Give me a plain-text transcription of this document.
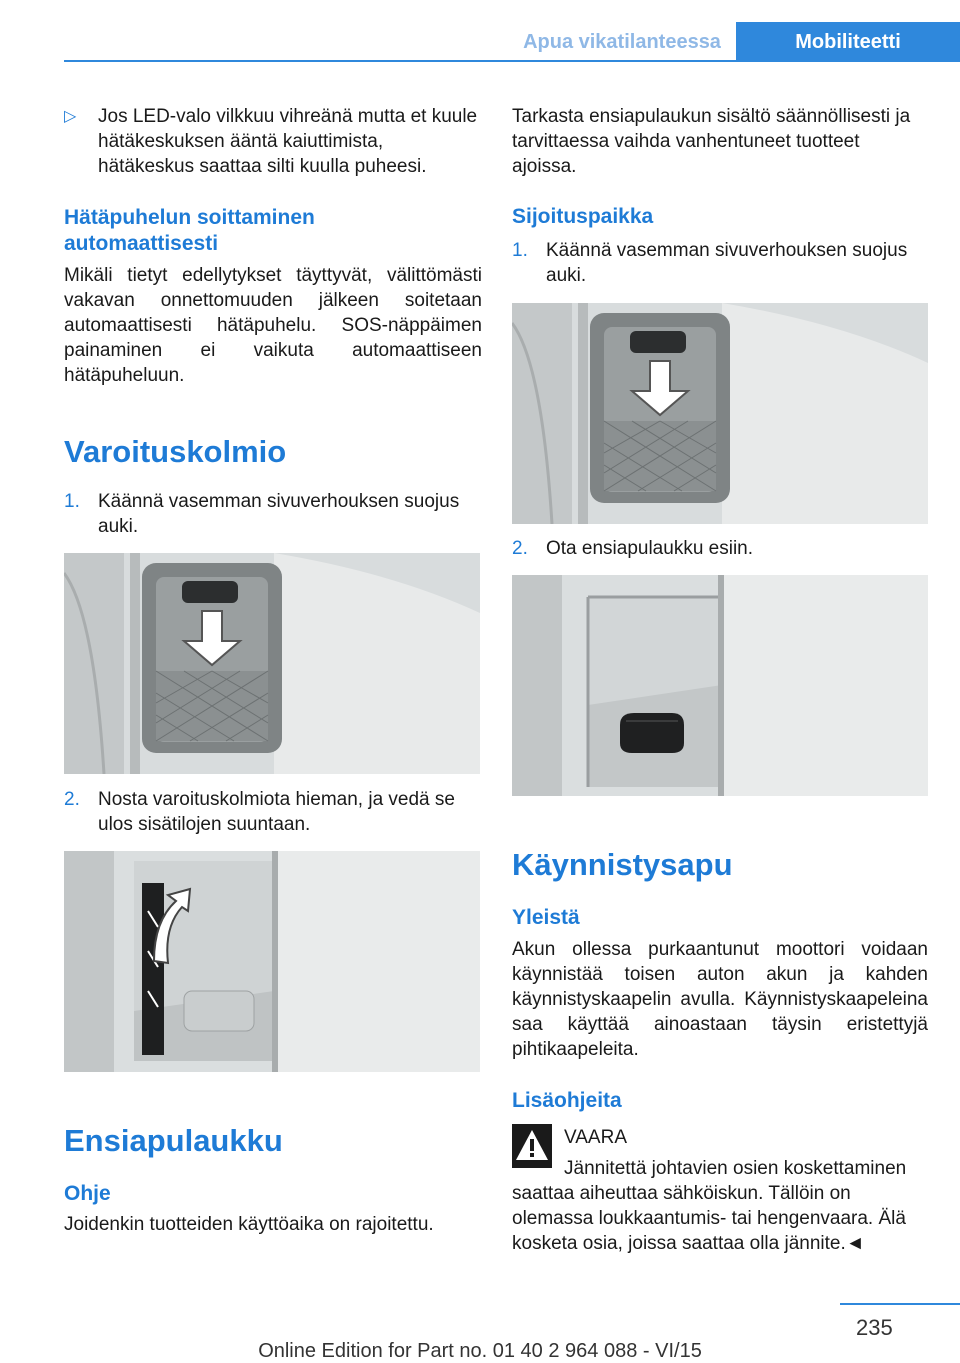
Apua vikatilanteessa	Mobiliteetti
▷ Jos LED-valo vilkkuu vihreänä mutta et kuule hätäkeskuksen ääntä kaiuttimista, hätäkeskus saattaa silti kuulla puheesi.

Hätäpuhelun soittaminen automaattisesti

Mikäli tietyt edellytykset täyttyvät, välittömästi vakavan onnettomuuden jälkeen soitetaan automaattisesti hätäpuhelu. SOS-näppäimen painaminen ei vaikuta automaattiseen hätäpuheluun.

Varoituskolmio
1. Käännä vasemman sivuverhouksen suojus auki.

2. Nosta varoituskolmiota hieman, ja vedä se ulos sisätilojen suuntaan.

Ensiapulaukku
Ohje

Joidenkin tuotteiden käyttöaika on rajoitettu.

Tarkasta ensiapulaukun sisältö säännöllisesti ja tarvittaessa vaihda vanhentuneet tuotteet ajoissa.

Sijoituspaikka
1. Käännä vasemman sivuverhouksen suojus auki.

2. Ota ensiapulaukku esiin.

Käynnistysapu
Yleistä

Akun ollessa purkaantunut moottori voidaan käynnistää toisen auton akun ja kahden käynnistyskaapelin avulla. Käynnistyskaapeleina saa käyttää ainoastaan täysin eristettyjä pihtikaapeleita.

Lisäohjeita
VAARA
Jännitettä johtavien osien koskettaminen saattaa aiheuttaa sähköiskun. Tällöin on olemassa loukkaantumis- tai hengenvaara. Älä kosketa osia, joissa saattaa olla jännite.◄
235
Online Edition for Part no. 01 40 2 964 088 - VI/15
